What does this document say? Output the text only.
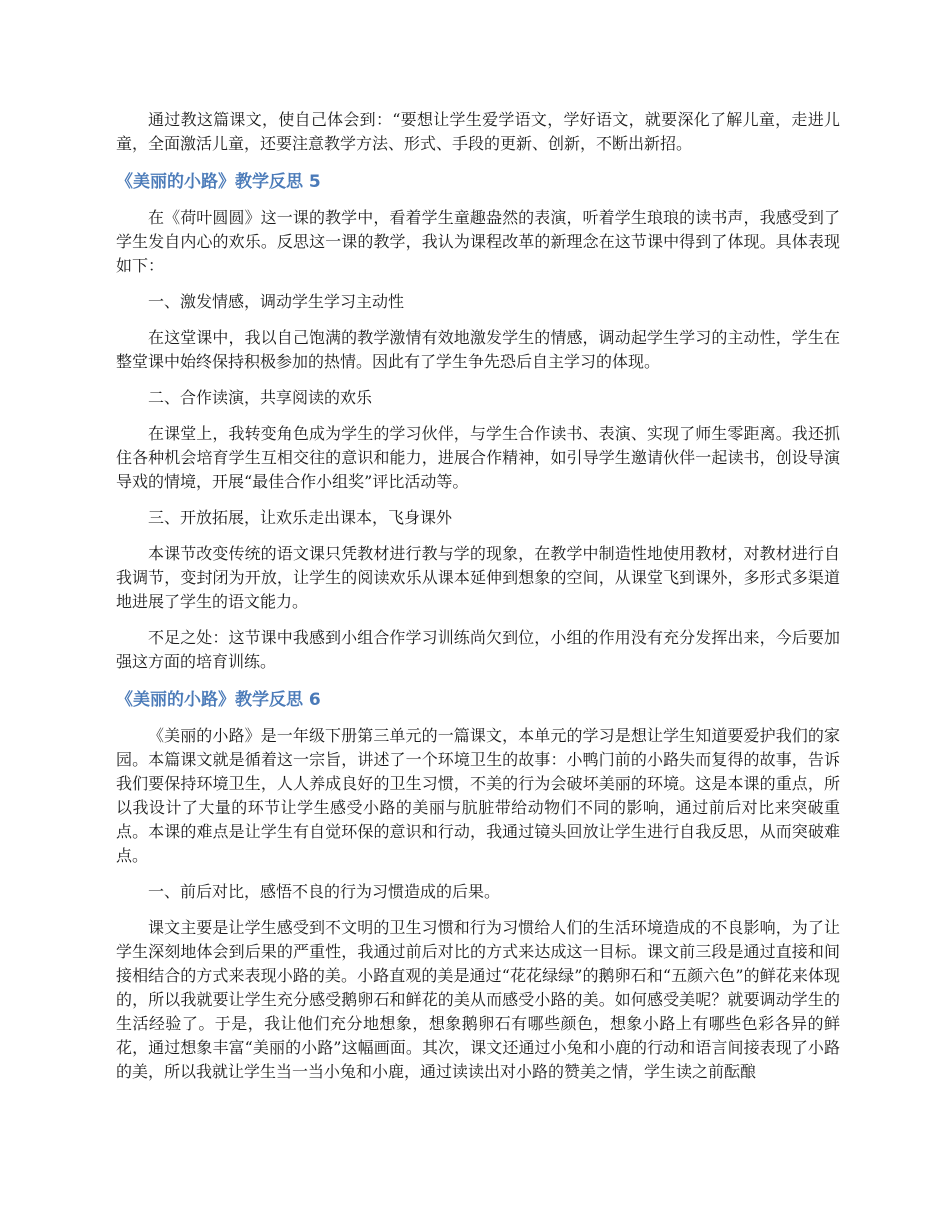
通过教这篇课文，使自己体会到：“要想让学生爱学语文，学好语文，就要深化了解儿童，走进儿童，全面激活儿童，还要注意教学方法、形式、手段的更新、创新，不断出新招。

《美丽的小路》教学反思 5

在《荷叶圆圆》这一课的教学中，看着学生童趣盎然的表演，听着学生琅琅的读书声，我感受到了学生发自内心的欢乐。反思这一课的教学，我认为课程改革的新理念在这节课中得到了体现。具体表现如下：

一、激发情感，调动学生学习主动性

在这堂课中，我以自己饱满的教学激情有效地激发学生的情感，调动起学生学习的主动性，学生在整堂课中始终保持积极参加的热情。因此有了学生争先恐后自主学习的体现。

二、合作读演，共享阅读的欢乐

在课堂上，我转变角色成为学生的学习伙伴，与学生合作读书、表演、实现了师生零距离。我还抓住各种机会培育学生互相交往的意识和能力，进展合作精神，如引导学生邀请伙伴一起读书，创设导演导戏的情境，开展“最佳合作小组奖”评比活动等。

三、开放拓展，让欢乐走出课本，飞身课外

本课节改变传统的语文课只凭教材进行教与学的现象，在教学中制造性地使用教材，对教材进行自我调节，变封闭为开放，让学生的阅读欢乐从课本延伸到想象的空间，从课堂飞到课外，多形式多渠道地进展了学生的语文能力。

不足之处：这节课中我感到小组合作学习训练尚欠到位，小组的作用没有充分发挥出来，今后要加强这方面的培育训练。

《美丽的小路》教学反思 6

《美丽的小路》是一年级下册第三单元的一篇课文，本单元的学习是想让学生知道要爱护我们的家园。本篇课文就是循着这一宗旨，讲述了一个环境卫生的故事：小鸭门前的小路失而复得的故事，告诉我们要保持环境卫生，人人养成良好的卫生习惯，不美的行为会破坏美丽的环境。这是本课的重点，所以我设计了大量的环节让学生感受小路的美丽与肮脏带给动物们不同的影响，通过前后对比来突破重点。本课的难点是让学生有自觉环保的意识和行动，我通过镜头回放让学生进行自我反思，从而突破难点。

一、前后对比，感悟不良的行为习惯造成的后果。

课文主要是让学生感受到不文明的卫生习惯和行为习惯给人们的生活环境造成的不良影响，为了让学生深刻地体会到后果的严重性，我通过前后对比的方式来达成这一目标。课文前三段是通过直接和间接相结合的方式来表现小路的美。小路直观的美是通过“花花绿绿”的鹅卵石和“五颜六色”的鲜花来体现的，所以我就要让学生充分感受鹅卵石和鲜花的美从而感受小路的美。如何感受美呢？就要调动学生的生活经验了。于是，我让他们充分地想象，想象鹅卵石有哪些颜色，想象小路上有哪些色彩各异的鲜花，通过想象丰富“美丽的小路”这幅画面。其次，课文还通过小兔和小鹿的行动和语言间接表现了小路的美，所以我就让学生当一当小兔和小鹿，通过读读出对小路的赞美之情，学生读之前酝酿
